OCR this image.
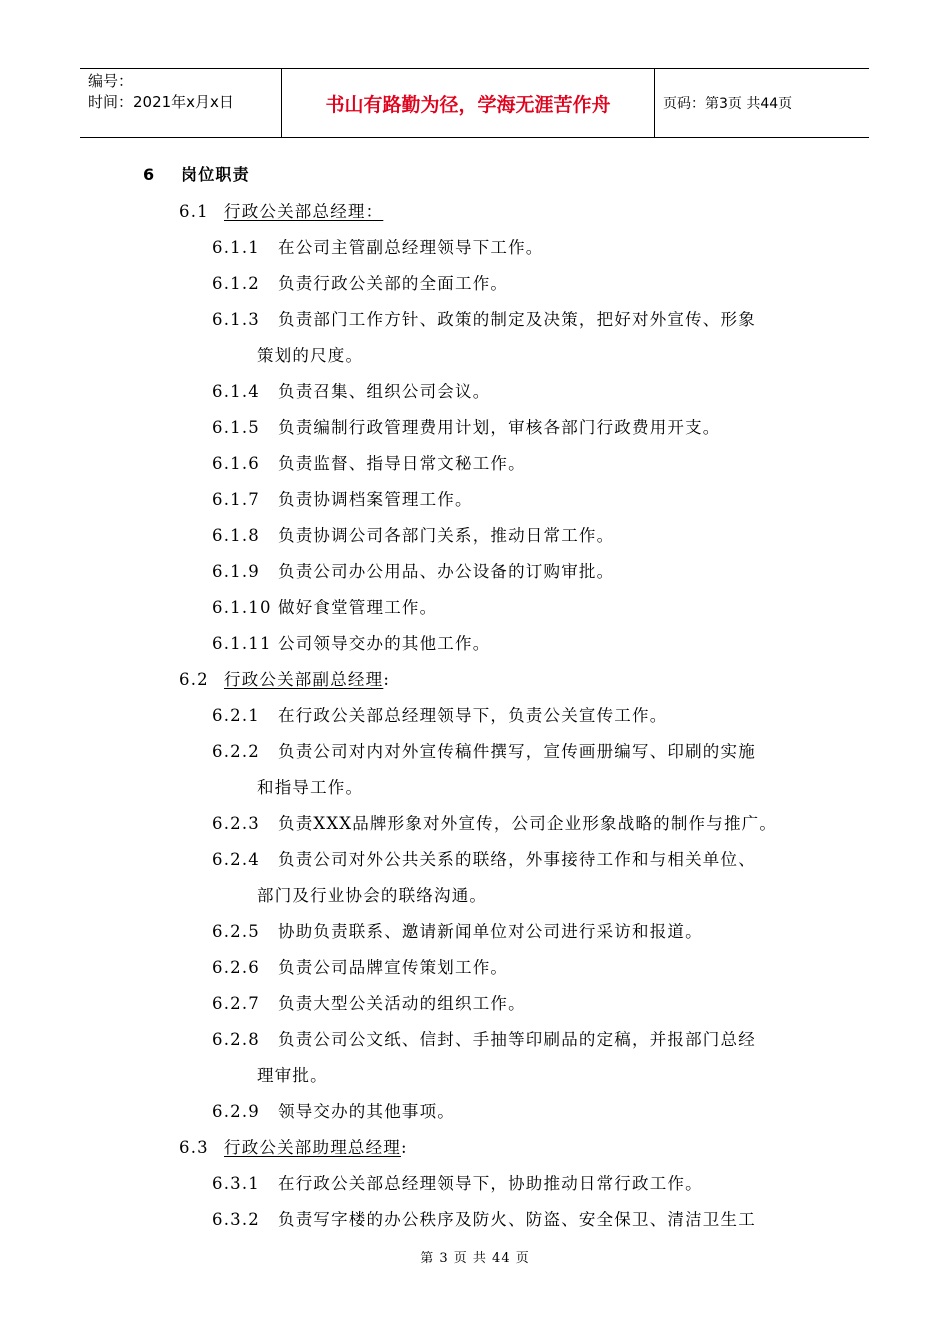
编号：
时间：2021年x月x日	书山有路勤为径，学海无涯苦作舟	页码：第3页 共44页
6 岗位职责
6.1 行政公关部总经理：
6.1.1 在公司主管副总经理领导下工作。
6.1.2 负责行政公关部的全面工作。
6.1.3 负责部门工作方针、政策的制定及决策，把好对外宣传、形象
策划的尺度。
6.1.4 负责召集、组织公司会议。
6.1.5 负责编制行政管理费用计划，审核各部门行政费用开支。
6.1.6 负责监督、指导日常文秘工作。
6.1.7 负责协调档案管理工作。
6.1.8 负责协调公司各部门关系，推动日常工作。
6.1.9 负责公司办公用品、办公设备的订购审批。
6.1.10 做好食堂管理工作。
6.1.11 公司领导交办的其他工作。
6.2 行政公关部副总经理:
6.2.1 在行政公关部总经理领导下，负责公关宣传工作。
6.2.2 负责公司对内对外宣传稿件撰写，宣传画册编写、印刷的实施
和指导工作。
6.2.3 负责XXX品牌形象对外宣传，公司企业形象战略的制作与推广。
6.2.4 负责公司对外公共关系的联络，外事接待工作和与相关单位、
部门及行业协会的联络沟通。
6.2.5 协助负责联系、邀请新闻单位对公司进行采访和报道。
6.2.6 负责公司品牌宣传策划工作。
6.2.7 负责大型公关活动的组织工作。
6.2.8 负责公司公文纸、信封、手抽等印刷品的定稿，并报部门总经
理审批。
6.2.9 领导交办的其他事项。
6.3 行政公关部助理总经理:
6.3.1 在行政公关部总经理领导下，协助推动日常行政工作。
6.3.2 负责写字楼的办公秩序及防火、防盗、安全保卫、清洁卫生工
第 3 页 共 44 页
